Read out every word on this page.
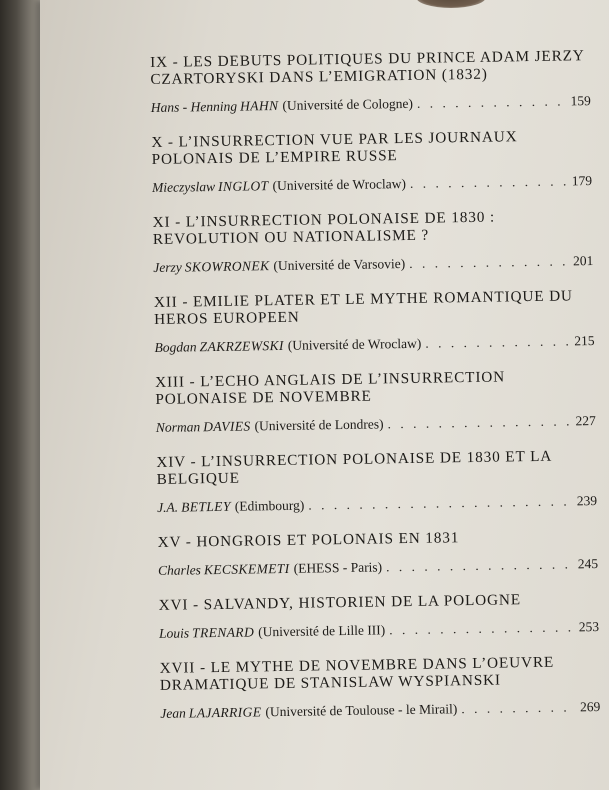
IX - LES DEBUTS POLITIQUES DU PRINCE ADAM JERZY CZARTORYSKI DANS L’EMIGRATION (1832)
Hans - Henning HAHN (Université de Cologne) . . .	159
X - L’INSURRECTION VUE PAR LES JOURNAUX POLONAIS DE L’EMPIRE RUSSE
Mieczyslaw INGLOT (Université de Wroclaw) . . .	179
XI - L’INSURRECTION POLONAISE DE 1830 : REVOLUTION OU NATIONALISME ?
Jerzy SKOWRONEK (Université de Varsovie) . . .	201
XII - EMILIE PLATER ET LE MYTHE ROMANTIQUE DU HEROS EUROPEEN
Bogdan ZAKRZEWSKI (Université de Wroclaw) . . .	215
XIII - L’ECHO ANGLAIS DE L’INSURRECTION POLONAISE DE NOVEMBRE
Norman DAVIES (Université de Londres) . . .	227
XIV - L’INSURRECTION POLONAISE DE 1830 ET LA BELGIQUE
J.A. BETLEY (Edimbourg) . . .	239
XV - HONGROIS ET POLONAIS EN 1831
Charles KECSKEMETI (EHESS - Paris) . . .	245
XVI - SALVANDY, HISTORIEN DE LA POLOGNE
Louis TRENARD (Université de Lille III) . . .	253
XVII - LE MYTHE DE NOVEMBRE DANS L’OEUVRE DRAMATIQUE DE STANISLAW WYSPIANSKI
Jean LAJARRIGE (Université de Toulouse - le Mirail) . . .	269
